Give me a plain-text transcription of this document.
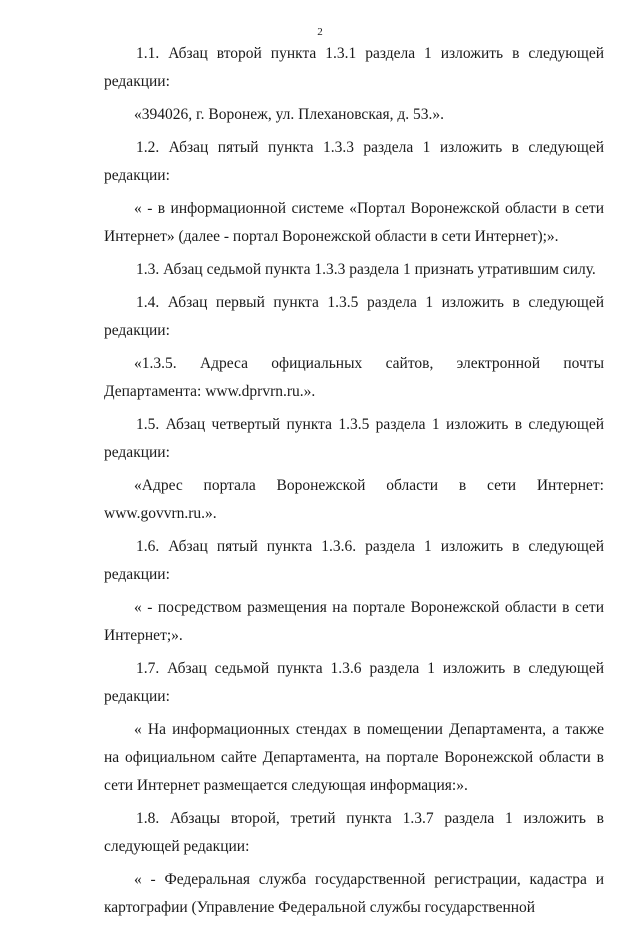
2

1.1. Абзац второй пункта 1.3.1 раздела 1 изложить в следующей редакции:

«394026, г. Воронеж, ул. Плехановская, д. 53.».

1.2. Абзац пятый пункта 1.3.3 раздела 1 изложить в следующей редакции:

« - в информационной системе «Портал Воронежской области в сети Интернет» (далее - портал Воронежской области в сети Интернет);».

1.3. Абзац седьмой пункта 1.3.3 раздела 1 признать утратившим силу.

1.4. Абзац первый пункта 1.3.5 раздела 1 изложить в следующей редакции:

«1.3.5. Адреса официальных сайтов, электронной почты Департамента: www.dprvrn.ru.».

1.5. Абзац четвертый пункта 1.3.5 раздела 1 изложить в следующей редакции:

«Адрес портала Воронежской области в сети Интернет: www.govvrn.ru.».

1.6. Абзац пятый пункта 1.3.6. раздела 1 изложить в следующей редакции:

« - посредством размещения на портале Воронежской области в сети Интернет;».

1.7. Абзац седьмой пункта 1.3.6 раздела 1 изложить в следующей редакции:

« На информационных стендах в помещении Департамента, а также на официальном сайте Департамента, на портале Воронежской области в сети Интернет размещается следующая информация:».

1.8. Абзацы второй, третий пункта 1.3.7 раздела 1 изложить в следующей редакции:

« - Федеральная служба государственной регистрации, кадастра и картографии (Управление Федеральной службы государственной
